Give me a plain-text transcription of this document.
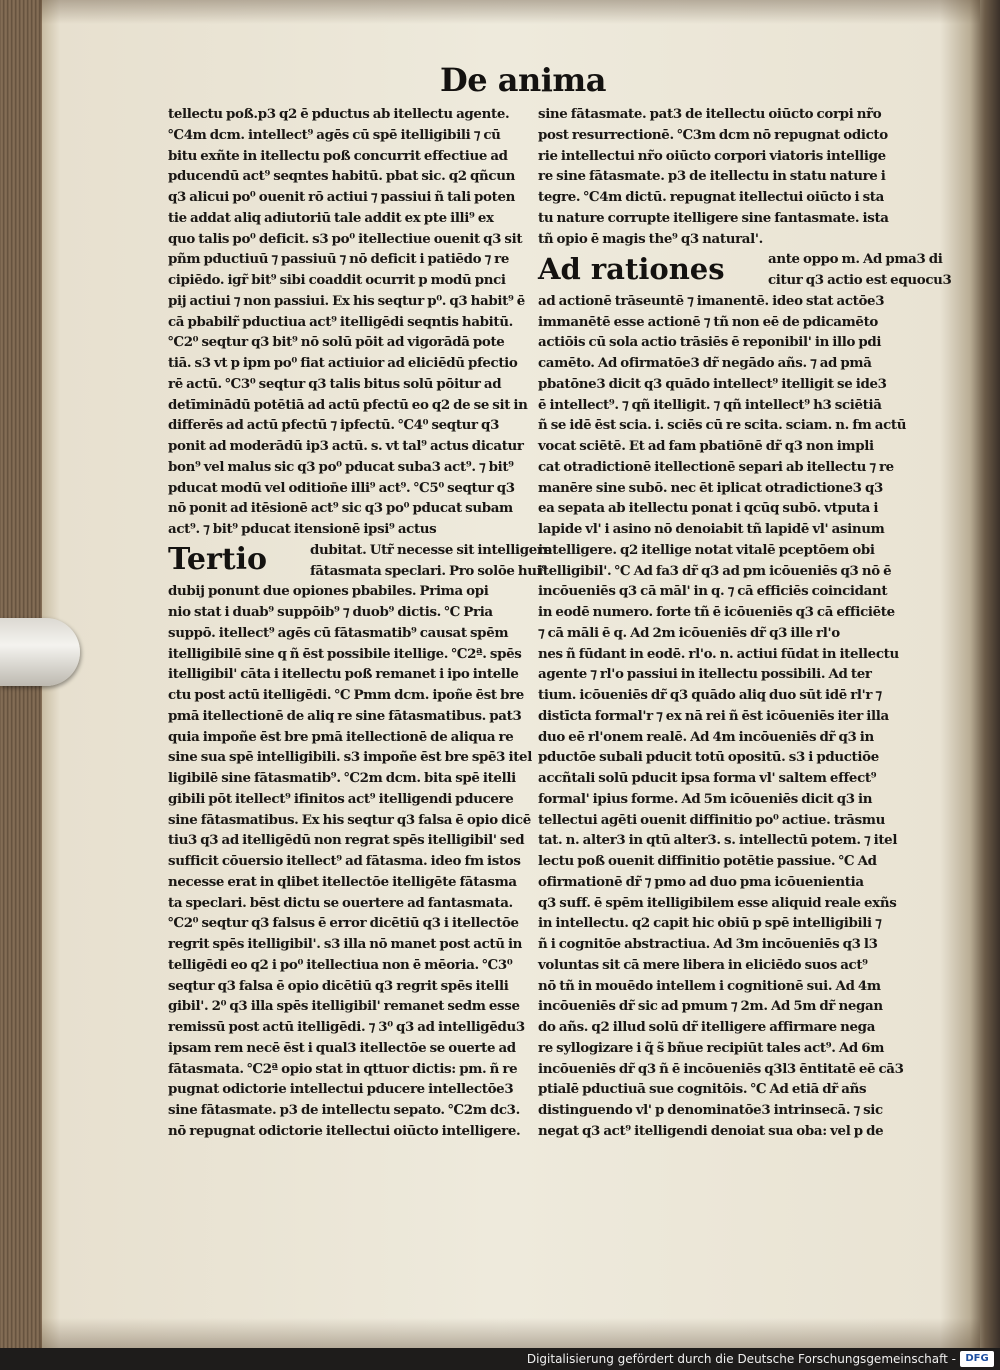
De anima
tellectu poß.p3 q2 ē pductus ab itellectu agente.
℃4m dcm. intellect⁹ agēs cū spē itelligibili ⁊ cū
bitu exñte in itellectu poß concurrit effectiue ad
pducendū act⁹ seqntes habitū. pbat sic. q2 qñcun
q3 alicui po⁰ ouenit rō actiui ⁊ passiui ñ tali poten
tie addat aliq adiutoriū tale addit ex pte illi⁹ ex
quo talis po⁰ deficit. s3 po⁰ itellectiue ouenit q3 sit
pñm pductiuū ⁊ passiuū ⁊ nō deficit i patiēdo ⁊ re
cipiēdo. igr̃ bit⁹ sibi coaddit ocurrit p modū pnci
pij actiui ⁊ non passiui. Ex his seqtur p⁰. q3 habit⁹ ē
cā pbabilr̃ pductiua act⁹ itelligēdi seqntis habitū.
℃2⁰ seqtur q3 bit⁹ nō solū pōit ad vigorādā pote
tiā. s3 vt p ipm po⁰ fiat actiuior ad eliciēdū pfectio
rē actū. ℃3⁰ seqtur q3 talis bitus solū pōitur ad
detīminādū potētiā ad actū pfectū eo q2 de se sit in
differēs ad actū pfectū ⁊ ipfectū. ℃4⁰ seqtur q3
ponit ad moderādū ip3 actū. s. vt tal⁹ actus dicatur
bon⁹ vel malus sic q3 po⁰ pducat suba3 act⁹. ⁊ bit⁹
pducat modū vel odition̄e illi⁹ act⁹. ℃5⁰ seqtur q3
nō ponit ad itēsionē act⁹ sic q3 po⁰ pducat subam
act⁹. ⁊ bit⁹ pducat itensionē ipsi⁹ actus
Tertio	dubitat. Utr̃ necesse sit intelligere
fātasmata speclari. Pro solōe hui⁹
dubij ponunt due opiones pbabiles. Prima opi
nio stat i duab⁹ suppōib⁹ ⁊ duob⁹ dictis. ℃ Pria
suppō. itellect⁹ agēs cū fātasmatib⁹ causat spēm
itelligibilē sine q ñ ēst possibile itellige. ℃2ª. spēs
itelligibil' cāta i itellectu poß remanet i ipo intelle
ctu post actū itelligēdi. ℃ Pmm dcm. ipoñe ēst bre
pmā itellectionē de aliq re sine fātasmatibus. pat3
quia impoñe ēst bre pmā itellectionē de aliqua re
sine sua spē intelligibili. s3 impoñe ēst bre spē3 itel
ligibilē sine fātasmatib⁹. ℃2m dcm. bita spē itelli
gibili pōt itellect⁹ ifinitos act⁹ itelligendi pducere
sine fātasmatibus. Ex his seqtur q3 falsa ē opio dicē
tiu3 q3 ad itelligēdū non regrat spēs itelligibil' sed
sufficit cōuersio itellect⁹ ad fātasma. ideo fm istos
necesse erat in qlibet itellectōe itelligēte fātasma
ta speclari. bēst dictu se ouertere ad fantasmata.
℃2⁰ seqtur q3 falsus ē error dicētiū q3 i itellectōe
regrit spēs itelligibil'. s3 illa nō manet post actū in
telligēdi eo q2 i po⁰ itellectiua non ē mēoria. ℃3⁰
seqtur q3 falsa ē opio dicētiū q3 regrit spēs itelli
gibil'. 2⁰ q3 illa spēs itelligibil' remanet sedm esse
remissū post actū itelligēdi. ⁊ 3⁰ q3 ad intelligēdu3
ipsam rem necē ēst i qual3 itellectōe se ouerte ad
fātasmata. ℃2ª opio stat in qttuor dictis: pm. ñ re
pugnat odictorie intellectui pducere intellectōe3
sine fātasmate. p3 de intellectu sepato. ℃2m dc3.
nō repugnat odictorie itellectui oiūcto intelligere.
sine fātasmate. pat3 de itellectu oiūcto corpi nr̃o
post resurrectionē. ℃3m dcm nō repugnat odicto
rie intellectui nr̃o oiūcto corpori viatoris intellige
re sine fātasmate. p3 de itellectu in statu nature i
tegre. ℃4m dictū. repugnat itellectui oiūcto i sta
tu nature corrupte itelligere sine fantasmate. ista
tñ opio ē magis the⁹ q3 natural'.
Ad rationes	ante oppo m. Ad pma3 di
citur q3 actio est equocu3
ad actionē trāseuntē ⁊ imanentē. ideo stat actōe3
immanētē esse actionē ⁊ tñ non eē de pdicamēto
actiōis cū sola actio trāsiēs ē reponibil' in illo pdi
camēto. Ad ofirmatōe3 dr̃ negādo añs. ⁊ ad pmā
pbatōne3 dicit q3 quādo intellect⁹ itelligit se ide3
ē intellect⁹. ⁊ qñ itelligit. ⁊ qñ intellect⁹ h3 sciētiā
ñ se idē ēst scia. i. sciēs cū re scita. sciam. n. fm actū
vocat sciētē. Et ad fam pbatiōnē dr̃ q3 non impli
cat otradictionē itellectionē separi ab itellectu ⁊ re
manēre sine subō. nec ēt iplicat otradictione3 q3
ea sepata ab itellectu ponat i qcūq subō. vtputa i
lapide vl' i asino nō denoiabit tñ lapidē vl' asinum
intelligere. q2 itellige notat vitalē pceptōem obi
itelligibil'. ℃ Ad fa3 dr̃ q3 ad pm icōueniēs q3 nō ē
incōueniēs q3 cā māl' in q. ⁊ cā efficiēs coincidant
in eodē numero. forte tñ ē icōueniēs q3 cā efficiēte
⁊ cā māli ē q. Ad 2m icōueniēs dr̃ q3 ille rl'o
nes ñ fūdant in eodē. rl'o. n. actiui fūdat in itellectu
agente ⁊ rl'o passiui in itellectu possibili. Ad ter
tium. icōueniēs dr̃ q3 quādo aliq duo sūt idē rl'r ⁊
distīcta formal'r ⁊ ex nā rei ñ ēst icōueniēs iter illa
duo eē rl'onem realē. Ad 4m incōueniēs dr̃ q3 in
pductōe subali pducit totū opositū. s3 i pductiōe
accñtali solū pducit ipsa forma vl' saltem effect⁹
formal' ipius forme. Ad 5m icōueniēs dicit q3 in
tellectui agēti ouenit diffinitio po⁰ actiue. trāsmu
tat. n. alter3 in qtū alter3. s. intellectū potem. ⁊ itel
lectu poß ouenit diffinitio potētie passiue. ℃ Ad
ofirmationē dr̃ ⁊ pmo ad duo pma icōuenientia
q3 suff. ē spēm itelligibilem esse aliquid reale exñs
in intellectu. q2 capit hic obiū p spē intelligibili ⁊
ñ i cognitōe abstractiua. Ad 3m incōueniēs q3 l3
voluntas sit cā mere libera in eliciēdo suos act⁹
nō tñ in mouēdo intellem i cognitionē sui. Ad 4m
incōueniēs dr̃ sic ad pmum ⁊ 2m. Ad 5m dr̃ negan
do añs. q2 illud solū dr̃ itelligere affirmare nega
re syllogizare i q̃ s̃ bñue recipiūt tales act⁹. Ad 6m
incōueniēs dr̃ q3 ñ ē incōueniēs q3l3 ēntitatē eē cā3
ptialē pductiuā sue cognitōis. ℃ Ad etiā dr̃ añs
distinguendo vl' p denominatōe3 intrinsecā. ⁊ sic
negat q3 act⁹ itelligendi denoiat sua oba: vel p de
Digitalisierung gefördert durch die Deutsche Forschungsgemeinschaft - DFG
